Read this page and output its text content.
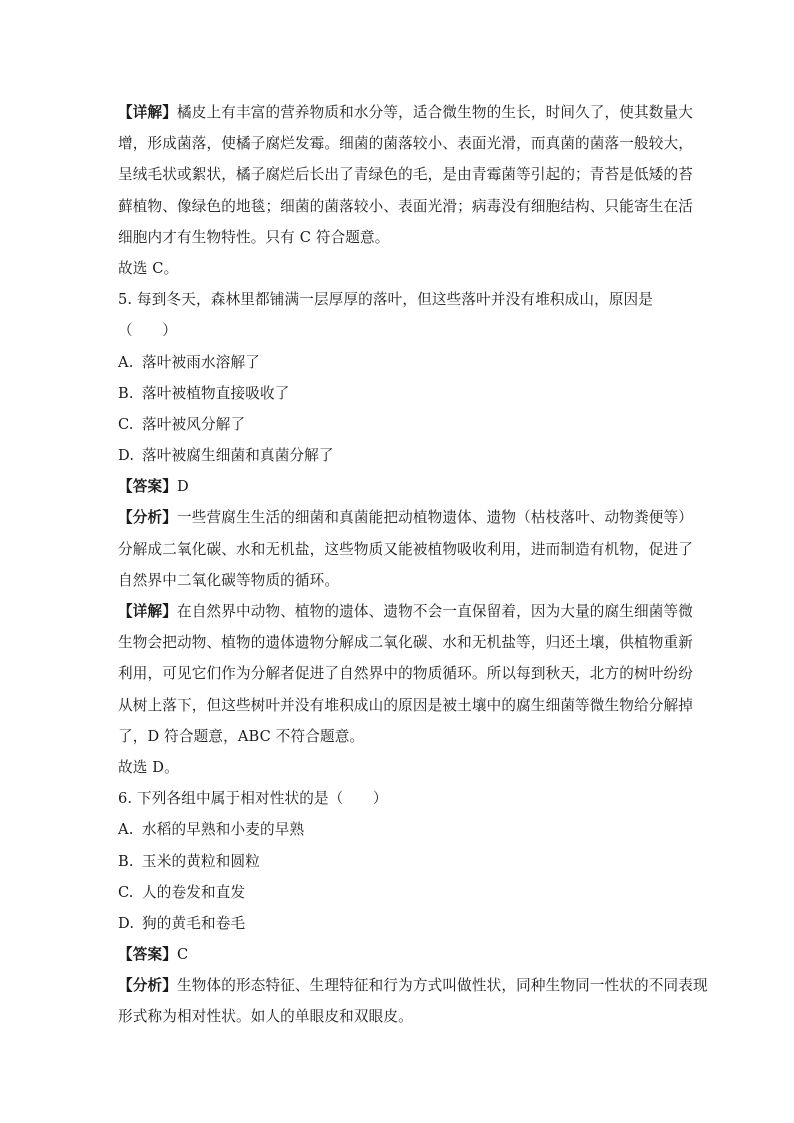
【详解】橘皮上有丰富的营养物质和水分等，适合微生物的生长，时间久了，使其数量大
增，形成菌落，使橘子腐烂发霉。细菌的菌落较小、表面光滑，而真菌的菌落一般较大，
呈绒毛状或絮状，橘子腐烂后长出了青绿色的毛，是由青霉菌等引起的；青苔是低矮的苔
藓植物、像绿色的地毯；细菌的菌落较小、表面光滑；病毒没有细胞结构、只能寄生在活
细胞内才有生物特性。只有 C 符合题意。
故选 C。
5. 每到冬天，森林里都铺满一层厚厚的落叶，但这些落叶并没有堆积成山，原因是
（　　）
A. 落叶被雨水溶解了
B. 落叶被植物直接吸收了
C. 落叶被风分解了
D. 落叶被腐生细菌和真菌分解了
【答案】D
【分析】一些营腐生生活的细菌和真菌能把动植物遗体、遗物（枯枝落叶、动物粪便等）
分解成二氧化碳、水和无机盐，这些物质又能被植物吸收利用，进而制造有机物，促进了
自然界中二氧化碳等物质的循环。
【详解】在自然界中动物、植物的遗体、遗物不会一直保留着，因为大量的腐生细菌等微
生物会把动物、植物的遗体遗物分解成二氧化碳、水和无机盐等，归还土壤，供植物重新
利用，可见它们作为分解者促进了自然界中的物质循环。所以每到秋天，北方的树叶纷纷
从树上落下，但这些树叶并没有堆积成山的原因是被土壤中的腐生细菌等微生物给分解掉
了，D 符合题意，ABC 不符合题意。
故选 D。
6. 下列各组中属于相对性状的是（　　）
A. 水稻的早熟和小麦的早熟
B. 玉米的黄粒和圆粒
C. 人的卷发和直发
D. 狗的黄毛和卷毛
【答案】C
【分析】生物体的形态特征、生理特征和行为方式叫做性状，同种生物同一性状的不同表现
形式称为相对性状。如人的单眼皮和双眼皮。
